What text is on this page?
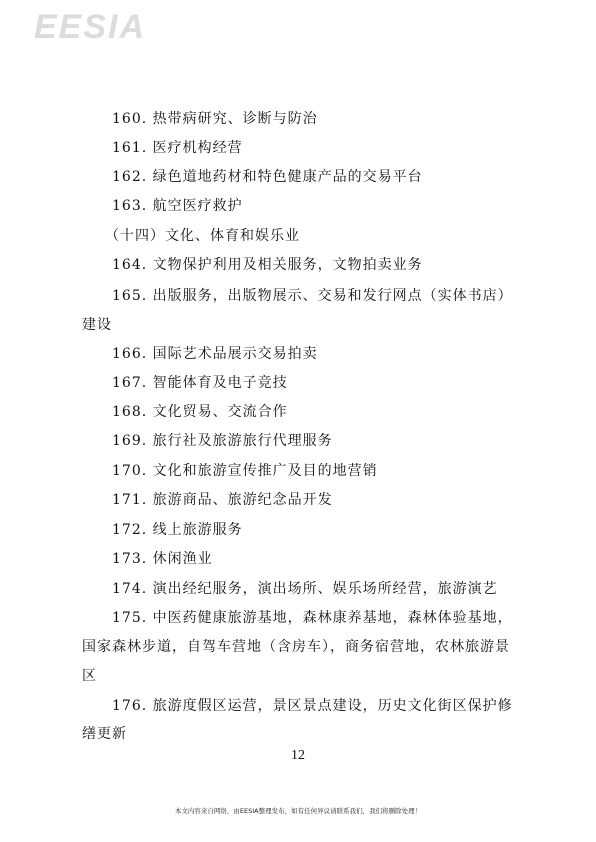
EESIA
160. 热带病研究、诊断与防治
161. 医疗机构经营
162. 绿色道地药材和特色健康产品的交易平台
163. 航空医疗救护
（十四）文化、体育和娱乐业
164. 文物保护利用及相关服务，文物拍卖业务
165. 出版服务，出版物展示、交易和发行网点（实体书店）
建设
166. 国际艺术品展示交易拍卖
167. 智能体育及电子竞技
168. 文化贸易、交流合作
169. 旅行社及旅游旅行代理服务
170. 文化和旅游宣传推广及目的地营销
171. 旅游商品、旅游纪念品开发
172. 线上旅游服务
173. 休闲渔业
174. 演出经纪服务，演出场所、娱乐场所经营，旅游演艺
175. 中医药健康旅游基地，森林康养基地，森林体验基地，
国家森林步道，自驾车营地（含房车），商务宿营地，农林旅游景
区
176. 旅游度假区运营，景区景点建设，历史文化街区保护修
缮更新
12
本文内容来自网络，由EESIA整理发布，如有任何异议请联系我们，我们将删除处理！
